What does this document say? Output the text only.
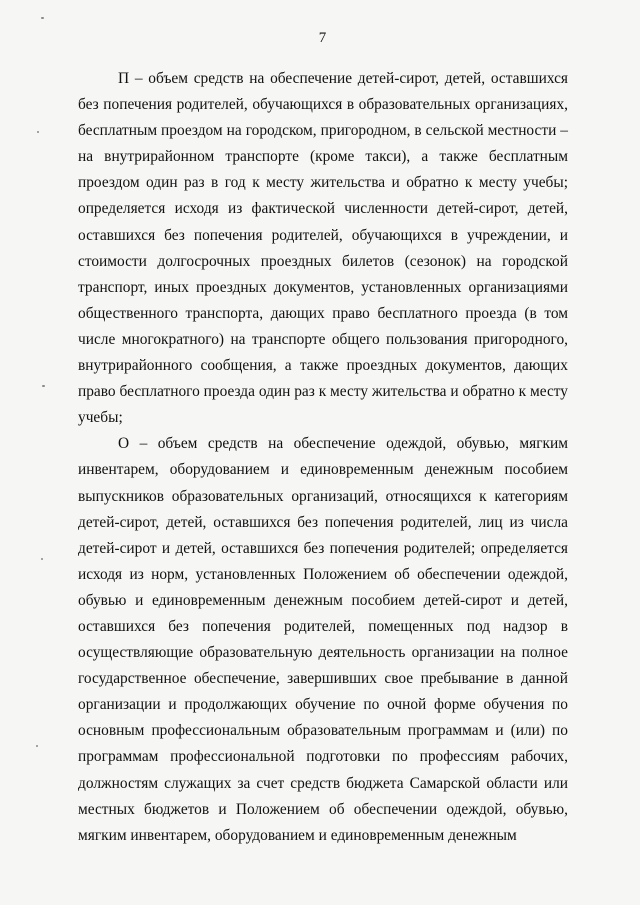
7

П – объем средств на обеспечение детей-сирот, детей, оставшихся без попечения родителей, обучающихся в образовательных организациях, бесплатным проездом на городском, пригородном, в сельской местности – на внутрирайонном транспорте (кроме такси), а также бесплатным проездом один раз в год к месту жительства и обратно к месту учебы; определяется исходя из фактической численности детей-сирот, детей, оставшихся без попечения родителей, обучающихся в учреждении, и стоимости долгосрочных проездных билетов (сезонок) на городской транспорт, иных проездных документов, установленных организациями общественного транспорта, дающих право бесплатного проезда (в том числе многократного) на транспорте общего пользования пригородного, внутрирайонного сообщения, а также проездных документов, дающих право бесплатного проезда один раз к месту жительства и обратно к месту учебы;

О – объем средств на обеспечение одеждой, обувью, мягким инвентарем, оборудованием и единовременным денежным пособием выпускников образовательных организаций, относящихся к категориям детей-сирот, детей, оставшихся без попечения родителей, лиц из числа детей-сирот и детей, оставшихся без попечения родителей; определяется исходя из норм, установленных Положением об обеспечении одеждой, обувью и единовременным денежным пособием детей-сирот и детей, оставшихся без попечения родителей, помещенных под надзор в осуществляющие образовательную деятельность организации на полное государственное обеспечение, завершивших свое пребывание в данной организации и продолжающих обучение по очной форме обучения по основным профессиональным образовательным программам и (или) по программам профессиональной подготовки по профессиям рабочих, должностям служащих за счет средств бюджета Самарской области или местных бюджетов и Положением об обеспечении одеждой, обувью, мягким инвентарем, оборудованием и единовременным денежным
